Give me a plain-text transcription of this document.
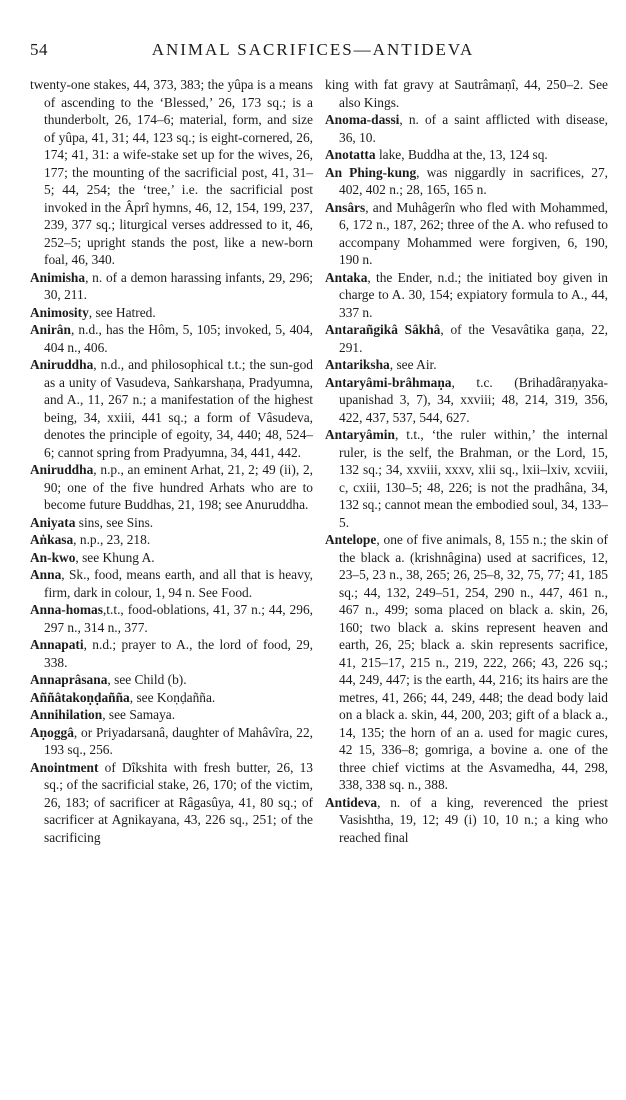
54	ANIMAL SACRIFICES—ANTIDEVA

twenty-one stakes, 44, 373, 383; the yûpa is a means of ascending to the ‘Blessed,’ 26, 173 sq.; is a thunderbolt, 26, 174–6; material, form, and size of yûpa, 41, 31; 44, 123 sq.; is eight-cornered, 26, 174; 41, 31: a wife-stake set up for the wives, 26, 177; the mounting of the sacrificial post, 41, 31–5; 44, 254; the ‘tree,’ i.e. the sacrificial post invoked in the Âprî hymns, 46, 12, 154, 199, 237, 239, 377 sq.; liturgical verses addressed to it, 46, 252–5; upright stands the post, like a new-born foal, 46, 340.

Animisha, n. of a demon harassing infants, 29, 296; 30, 211.

Animosity, see Hatred.

Anirân, n.d., has the Hôm, 5, 105; invoked, 5, 404, 404 n., 406.

Aniruddha, n.d., and philosophical t.t.; the sun-god as a unity of Vasudeva, Saṅkarshaṇa, Pradyumna, and A., 11, 267 n.; a manifestation of the highest being, 34, xxiii, 441 sq.; a form of Vâsudeva, denotes the principle of egoity, 34, 440; 48, 524–6; cannot spring from Pradyumna, 34, 441, 442.

Aniruddha, n.p., an eminent Arhat, 21, 2; 49 (ii), 2, 90; one of the five hundred Arhats who are to become future Buddhas, 21, 198; see Anuruddha.

Aniyata sins, see Sins.

Aṅkasa, n.p., 23, 218.

An-kwo, see Khung A.

Anna, Sk., food, means earth, and all that is heavy, firm, dark in colour, 1, 94 n. See Food.

Anna-homas,t.t., food-oblations, 41, 37 n.; 44, 296, 297 n., 314 n., 377.

Annapati, n.d.; prayer to A., the lord of food, 29, 338.

Annaprâsana, see Child (b).

Aññâtakoṇḍañña, see Koṇḍañña.

Annihilation, see Samaya.

Aṇoggâ, or Priyadarsanâ, daughter of Mahâvîra, 22, 193 sq., 256.

Anointment of Dîkshita with fresh butter, 26, 13 sq.; of the sacrificial stake, 26, 170; of the victim, 26, 183; of sacrificer at Râgasûya, 41, 80 sq.; of sacrificer at Agnikayana, 43, 226 sq., 251; of the sacrificing

king with fat gravy at Sautrâmaṇî, 44, 250–2. See also Kings.

Anoma-dassi, n. of a saint afflicted with disease, 36, 10.

Anotatta lake, Buddha at the, 13, 124 sq.

An Phing-kung, was niggardly in sacrifices, 27, 402, 402 n.; 28, 165, 165 n.

Ansârs, and Muhâgerîn who fled with Mohammed, 6, 172 n., 187, 262; three of the A. who refused to accompany Mohammed were forgiven, 6, 190, 190 n.

Antaka, the Ender, n.d.; the initiated boy given in charge to A. 30, 154; expiatory formula to A., 44, 337 n.

Antarañgikâ Sâkhâ, of the Vesavâtika gaṇa, 22, 291.

Antariksha, see Air.

Antaryâmi-brâhmaṇa, t.c. (Brihadâraṇyaka-upanishad 3, 7), 34, xxviii; 48, 214, 319, 356, 422, 437, 537, 544, 627.

Antaryâmin, t.t., ‘the ruler within,’ the internal ruler, is the self, the Brahman, or the Lord, 15, 132 sq.; 34, xxviii, xxxv, xlii sq., lxii–lxiv, xcviii, c, cxiii, 130–5; 48, 226; is not the pradhâna, 34, 132 sq.; cannot mean the embodied soul, 34, 133–5.

Antelope, one of five animals, 8, 155 n.; the skin of the black a. (krishnâgina) used at sacrifices, 12, 23–5, 23 n., 38, 265; 26, 25–8, 32, 75, 77; 41, 185 sq.; 44, 132, 249–51, 254, 290 n., 447, 461 n., 467 n., 499; soma placed on black a. skin, 26, 160; two black a. skins represent heaven and earth, 26, 25; black a. skin represents sacrifice, 41, 215–17, 215 n., 219, 222, 266; 43, 226 sq.; 44, 249, 447; is the earth, 44, 216; its hairs are the metres, 41, 266; 44, 249, 448; the dead body laid on a black a. skin, 44, 200, 203; gift of a black a., 14, 135; the horn of an a. used for magic cures, 42 15, 336–8; gomriga, a bovine a. one of the three chief victims at the Asvamedha, 44, 298, 338, 338 sq. n., 388.

Antideva, n. of a king, reverenced the priest Vasishtha, 19, 12; 49 (i) 10, 10 n.; a king who reached final
